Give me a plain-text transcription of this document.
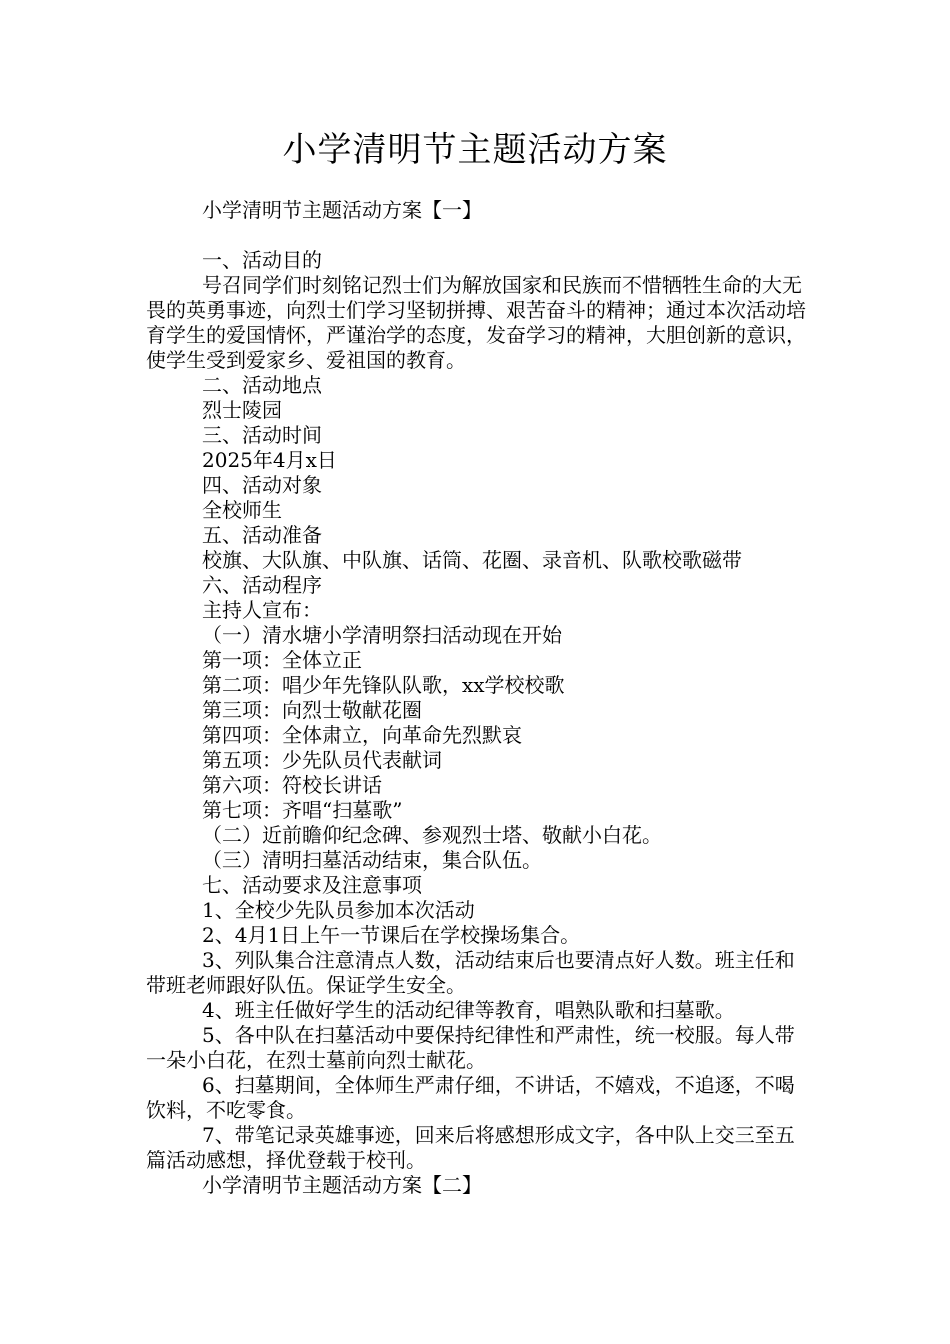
小学清明节主题活动方案

小学清明节主题活动方案【一】

一、活动目的

号召同学们时刻铭记烈士们为解放国家和民族而不惜牺牲生命的大无畏的英勇事迹，向烈士们学习坚韧拼搏、艰苦奋斗的精神；通过本次活动培育学生的爱国情怀，严谨治学的态度，发奋学习的精神，大胆创新的意识，使学生受到爱家乡、爱祖国的教育。

二、活动地点

烈士陵园

三、活动时间

2025年4月x日

四、活动对象

全校师生

五、活动准备

校旗、大队旗、中队旗、话筒、花圈、录音机、队歌校歌磁带

六、活动程序

主持人宣布：

（一）清水塘小学清明祭扫活动现在开始

第一项：全体立正

第二项：唱少年先锋队队歌，xx学校校歌

第三项：向烈士敬献花圈

第四项：全体肃立，向革命先烈默哀

第五项：少先队员代表献词

第六项：符校长讲话

第七项：齐唱“扫墓歌”

（二）近前瞻仰纪念碑、参观烈士塔、敬献小白花。

（三）清明扫墓活动结束，集合队伍。

七、活动要求及注意事项

1、全校少先队员参加本次活动

2、4月1日上午一节课后在学校操场集合。

3、列队集合注意清点人数，活动结束后也要清点好人数。班主任和带班老师跟好队伍。保证学生安全。

4、班主任做好学生的活动纪律等教育，唱熟队歌和扫墓歌。

5、各中队在扫墓活动中要保持纪律性和严肃性，统一校服。每人带一朵小白花，在烈士墓前向烈士献花。

6、扫墓期间，全体师生严肃仔细，不讲话，不嬉戏，不追逐，不喝饮料，不吃零食。

7、带笔记录英雄事迹，回来后将感想形成文字，各中队上交三至五篇活动感想，择优登载于校刊。

小学清明节主题活动方案【二】
